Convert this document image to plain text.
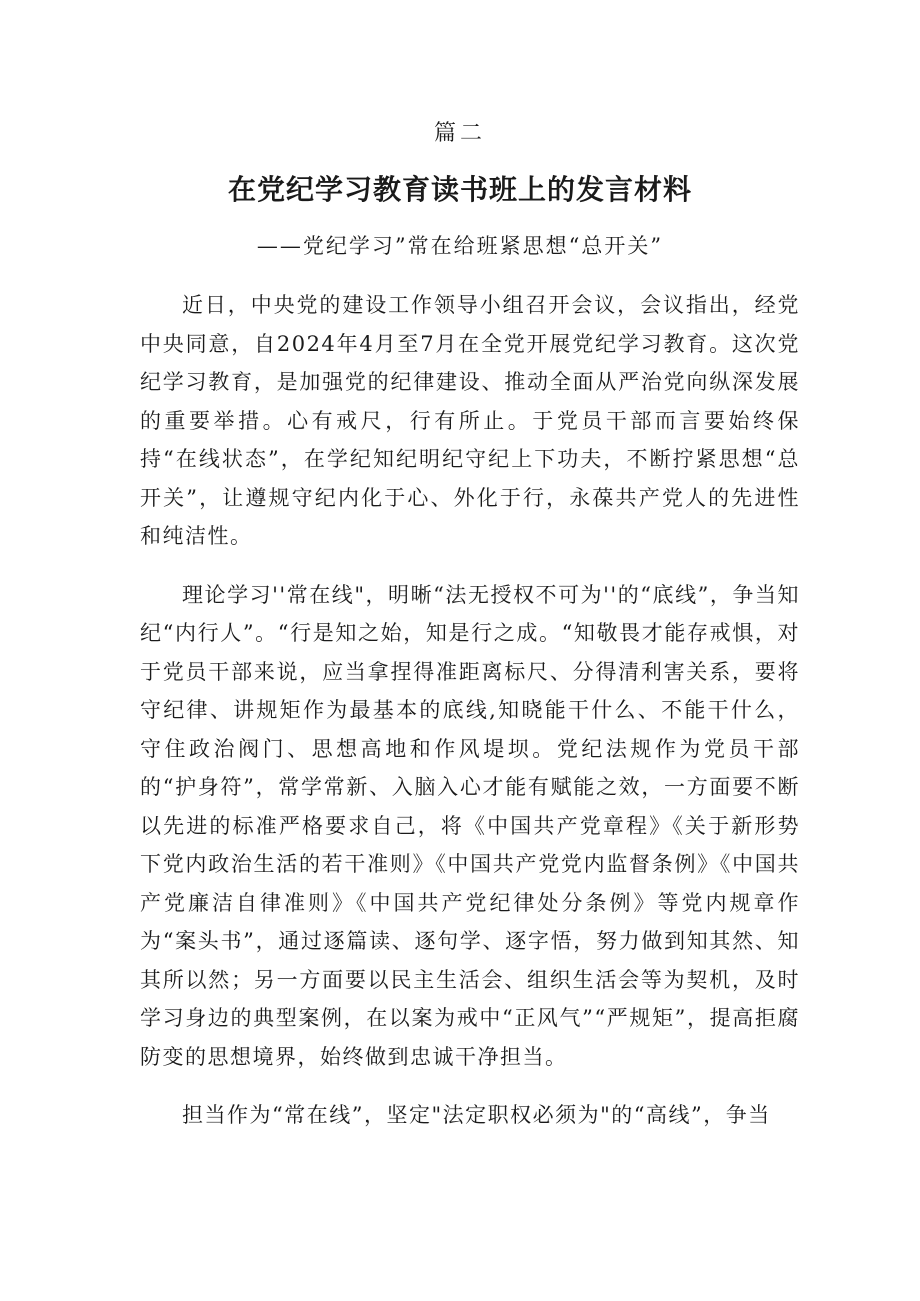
篇二
在党纪学习教育读书班上的发言材料
——党纪学习”常在给班紧思想“总开关”

近日，中央党的建设工作领导小组召开会议，会议指出，经党中央同意，自2024年4月至7月在全党开展党纪学习教育。这次党纪学习教育，是加强党的纪律建设、推动全面从严治党向纵深发展的重要举措。心有戒尺，行有所止。于党员干部而言要始终保持“在线状态”，在学纪知纪明纪守纪上下功夫，不断拧紧思想“总开关”，让遵规守纪内化于心、外化于行，永葆共产党人的先进性和纯洁性。

理论学习''常在线"，明晰“法无授权不可为''的“底线”，争当知纪“内行人”。“行是知之始，知是行之成。“知敬畏才能存戒惧，对于党员干部来说，应当拿捏得准距离标尺、分得清利害关系，要将守纪律、讲规矩作为最基本的底线,知晓能干什么、不能干什么，守住政治阀门、思想高地和作风堤坝。党纪法规作为党员干部的“护身符”，常学常新、入脑入心才能有赋能之效，一方面要不断以先进的标准严格要求自己，将《中国共产党章程》《关于新形势下党内政治生活的若干准则》《中国共产党党内监督条例》《中国共产党廉洁自律准则》《中国共产党纪律处分条例》等党内规章作为“案头书”，通过逐篇读、逐句学、逐字悟，努力做到知其然、知其所以然；另一方面要以民主生活会、组织生活会等为契机，及时学习身边的典型案例，在以案为戒中“正风气”“严规矩”，提高拒腐防变的思想境界，始终做到忠诚干净担当。

担当作为“常在线”，坚定"法定职权必须为"的“高线”，争当
